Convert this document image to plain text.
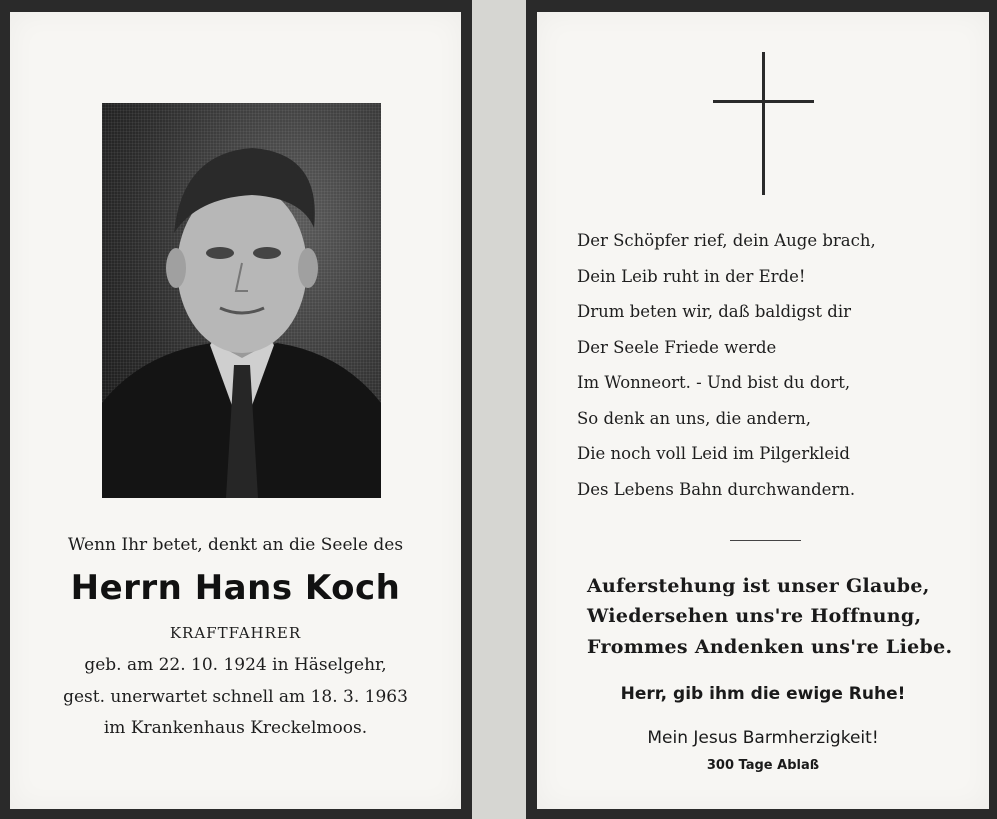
Wenn Ihr betet, denkt an die Seele des
Herrn Hans Koch
KRAFTFAHRER
geb. am 22. 10. 1924 in Häselgehr,
gest. unerwartet schnell am 18. 3. 1963
im Krankenhaus Kreckelmoos.
Der Schöpfer rief, dein Auge brach,
Dein Leib ruht in der Erde!
Drum beten wir, daß baldigst dir
Der Seele Friede werde
Im Wonneort. - Und bist du dort,
So denk an uns, die andern,
Die noch voll Leid im Pilgerkleid
Des Lebens Bahn durchwandern.
Auferstehung ist unser Glaube,
Wiedersehen uns're Hoffnung,
Frommes Andenken uns're Liebe.
Herr, gib ihm die ewige Ruhe!
Mein Jesus Barmherzigkeit!
300 Tage Ablaß
